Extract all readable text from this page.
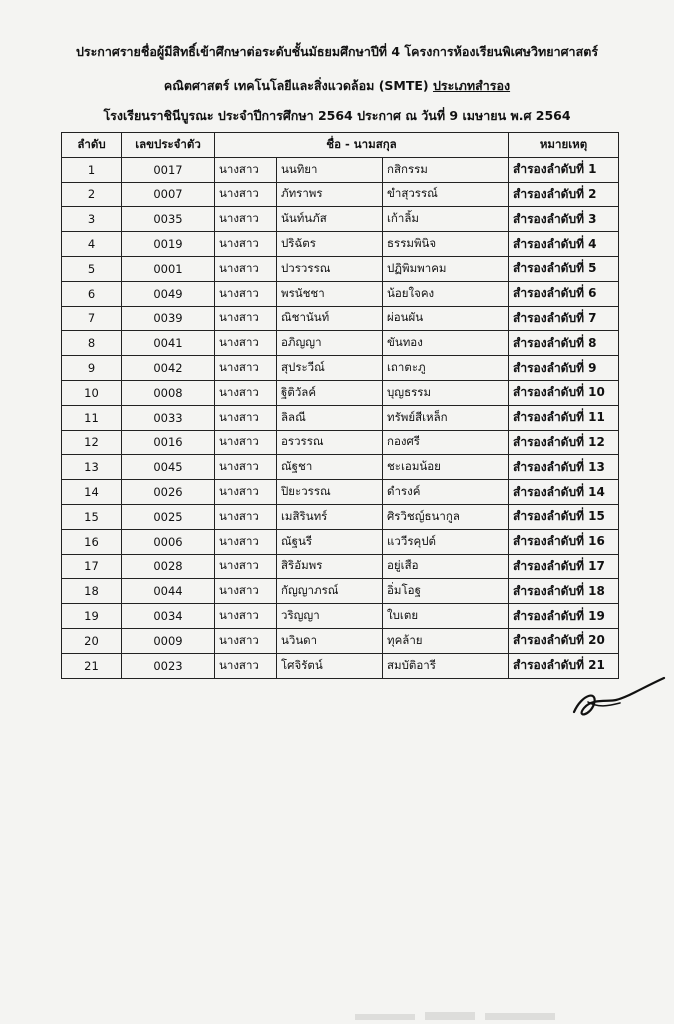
ประกาศรายชื่อผู้มีสิทธิ์เข้าศึกษาต่อระดับชั้นมัธยมศึกษาปีที่ 4 โครงการห้องเรียนพิเศษวิทยาศาสตร์
คณิตศาสตร์ เทคโนโลยีและสิ่งแวดล้อม (SMTE) ประเภทสำรอง
โรงเรียนราชินีบูรณะ ประจำปีการศึกษา 2564 ประกาศ ณ วันที่ 9 เมษายน พ.ศ 2564
ลำดับ	เลขประจำตัว	ชื่อ - นามสกุล			หมายเหตุ
1	0017	นางสาว	นนทิยา	กสิกรรม	สำรองลำดับที่ 1
2	0007	นางสาว	ภัทราพร	ขำสุวรรณ์	สำรองลำดับที่ 2
3	0035	นางสาว	นันท์นภัส	เก้าลิ้ม	สำรองลำดับที่ 3
4	0019	นางสาว	ปริฉัตร	ธรรมพินิจ	สำรองลำดับที่ 4
5	0001	นางสาว	ปวรวรรณ	ปฏิพิมพาคม	สำรองลำดับที่ 5
6	0049	นางสาว	พรนัชชา	น้อยใจคง	สำรองลำดับที่ 6
7	0039	นางสาว	ณิชานันท์	ผ่อนผัน	สำรองลำดับที่ 7
8	0041	นางสาว	อภิญญา	ขันทอง	สำรองลำดับที่ 8
9	0042	นางสาว	สุประวีณ์	เถาตะภู	สำรองลำดับที่ 9
10	0008	นางสาว	ฐิติวัลค์	บุญธรรม	สำรองลำดับที่ 10
11	0033	นางสาว	ลิลณี	ทรัพย์สีเหล็ก	สำรองลำดับที่ 11
12	0016	นางสาว	อรวรรณ	กองศรี	สำรองลำดับที่ 12
13	0045	นางสาว	ณัฐชา	ชะเอมน้อย	สำรองลำดับที่ 13
14	0026	นางสาว	ปิยะวรรณ	ดำรงค์	สำรองลำดับที่ 14
15	0025	นางสาว	เมสิรินทร์	ศิรวิชญ์ธนากูล	สำรองลำดับที่ 15
16	0006	นางสาว	ณัฐนรี	แววีรคุปต์	สำรองลำดับที่ 16
17	0028	นางสาว	สิริอัมพร	อยู่เสือ	สำรองลำดับที่ 17
18	0044	นางสาว	กัญญาภรณ์	อิ่มโอฐ	สำรองลำดับที่ 18
19	0034	นางสาว	วริญญา	ใบเตย	สำรองลำดับที่ 19
20	0009	นางสาว	นวินดา	ทุคล้าย	สำรองลำดับที่ 20
21	0023	นางสาว	โศจิรัตน์	สมบัติอารี	สำรองลำดับที่ 21
